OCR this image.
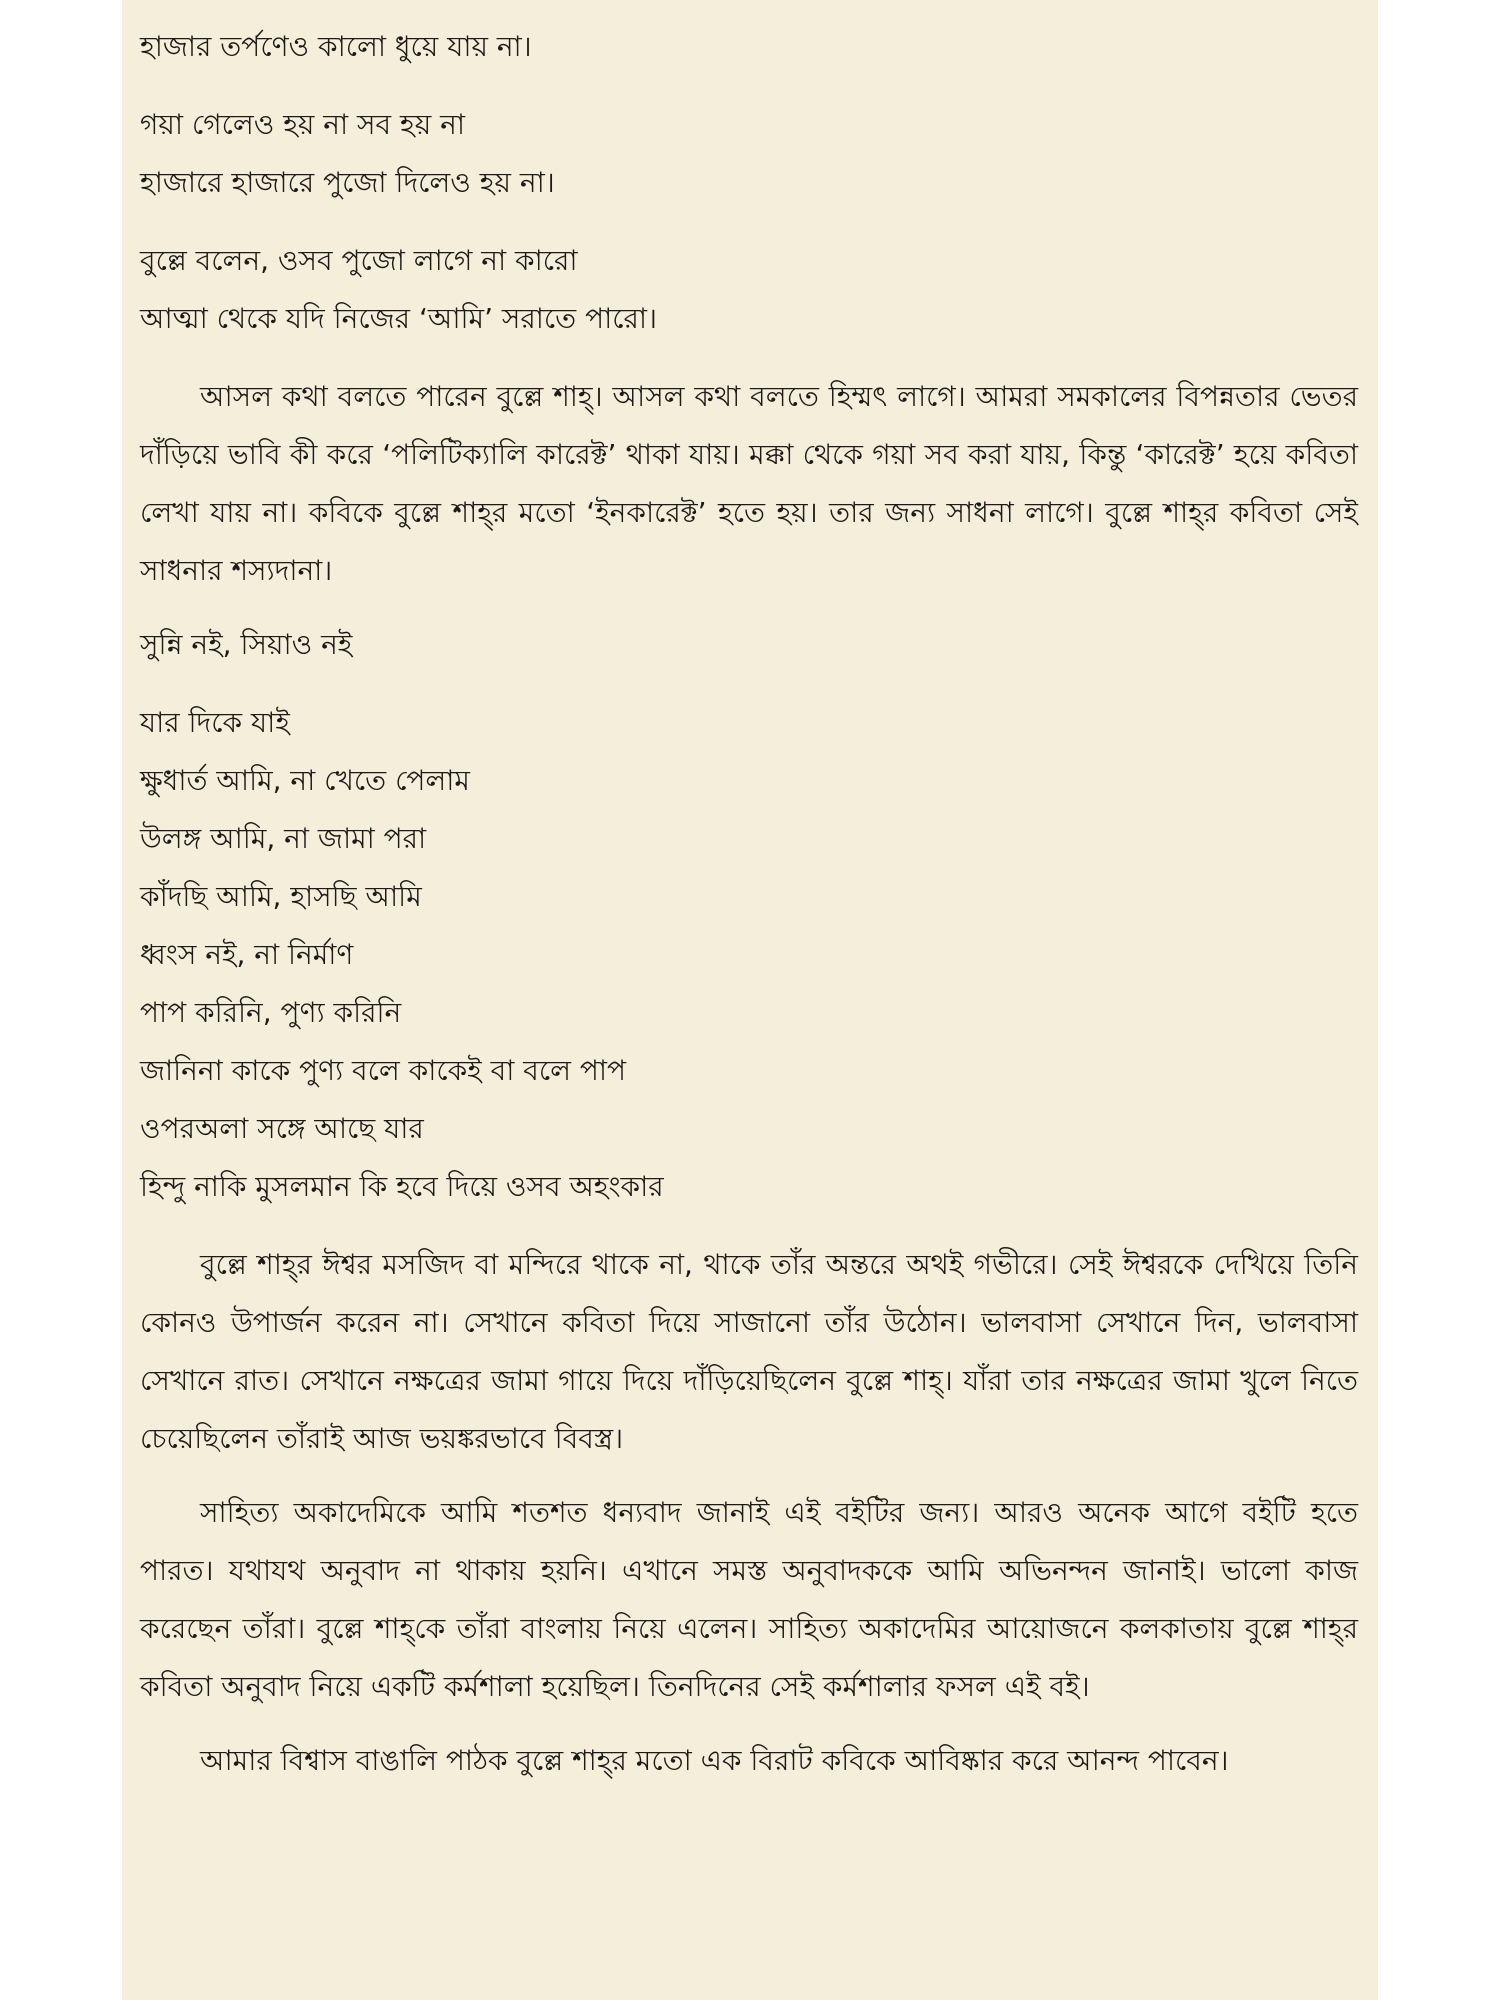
হাজার তর্পণেও কালো ধুয়ে যায় না।
গয়া গেলেও হয় না সব হয় না
হাজারে হাজারে পুজো দিলেও হয় না।
বুল্লে বলেন, ওসব পুজো লাগে না কারো
আত্মা থেকে যদি নিজের ‘আমি’ সরাতে পারো।

আসল কথা বলতে পারেন বুল্লে শাহ্। আসল কথা বলতে হিম্মৎ লাগে। আমরা সমকালের বিপন্নতার ভেতর দাঁড়িয়ে ভাবি কী করে ‘পলিটিক্যালি কারেক্ট’ থাকা যায়। মক্কা থেকে গয়া সব করা যায়, কিন্তু ‘কারেক্ট’ হয়ে কবিতা লেখা যায় না। কবিকে বুল্লে শাহ্‌র মতো ‘ইনকারেক্ট’ হতে হয়। তার জন্য সাধনা লাগে। বুল্লে শাহ্‌র কবিতা সেই সাধনার শস্যদানা।

সুন্নি নই, সিয়াও নই
যার দিকে যাই
ক্ষুধার্ত আমি, না খেতে পেলাম
উলঙ্গ আমি, না জামা পরা
কাঁদছি আমি, হাসছি আমি
ধ্বংস নই, না নির্মাণ
পাপ করিনি, পুণ্য করিনি
জানিনা কাকে পুণ্য বলে কাকেই বা বলে পাপ
ওপরঅলা সঙ্গে আছে যার
হিন্দু নাকি মুসলমান কি হবে দিয়ে ওসব অহংকার

বুল্লে শাহ্‌র ঈশ্বর মসজিদ বা মন্দিরে থাকে না, থাকে তাঁর অন্তরে অথই গভীরে। সেই ঈশ্বরকে দেখিয়ে তিনি কোনও উপার্জন করেন না। সেখানে কবিতা দিয়ে সাজানো তাঁর উঠোন। ভালবাসা সেখানে দিন, ভালবাসা সেখানে রাত। সেখানে নক্ষত্রের জামা গায়ে দিয়ে দাঁড়িয়েছিলেন বুল্লে শাহ্। যাঁরা তার নক্ষত্রের জামা খুলে নিতে চেয়েছিলেন তাঁরাই আজ ভয়ঙ্করভাবে বিবস্ত্র।

সাহিত্য অকাদেমিকে আমি শতশত ধন্যবাদ জানাই এই বইটির জন্য। আরও অনেক আগে বইটি হতে পারত। যথাযথ অনুবাদ না থাকায় হয়নি। এখানে সমস্ত অনুবাদককে আমি অভিনন্দন জানাই। ভালো কাজ করেছেন তাঁরা। বুল্লে শাহ্‌কে তাঁরা বাংলায় নিয়ে এলেন। সাহিত্য অকাদেমির আয়োজনে কলকাতায় বুল্লে শাহ্‌র কবিতা অনুবাদ নিয়ে একটি কর্মশালা হয়েছিল। তিনদিনের সেই কর্মশালার ফসল এই বই।

আমার বিশ্বাস বাঙালি পাঠক বুল্লে শাহ্‌র মতো এক বিরাট কবিকে আবিষ্কার করে আনন্দ পাবেন।
